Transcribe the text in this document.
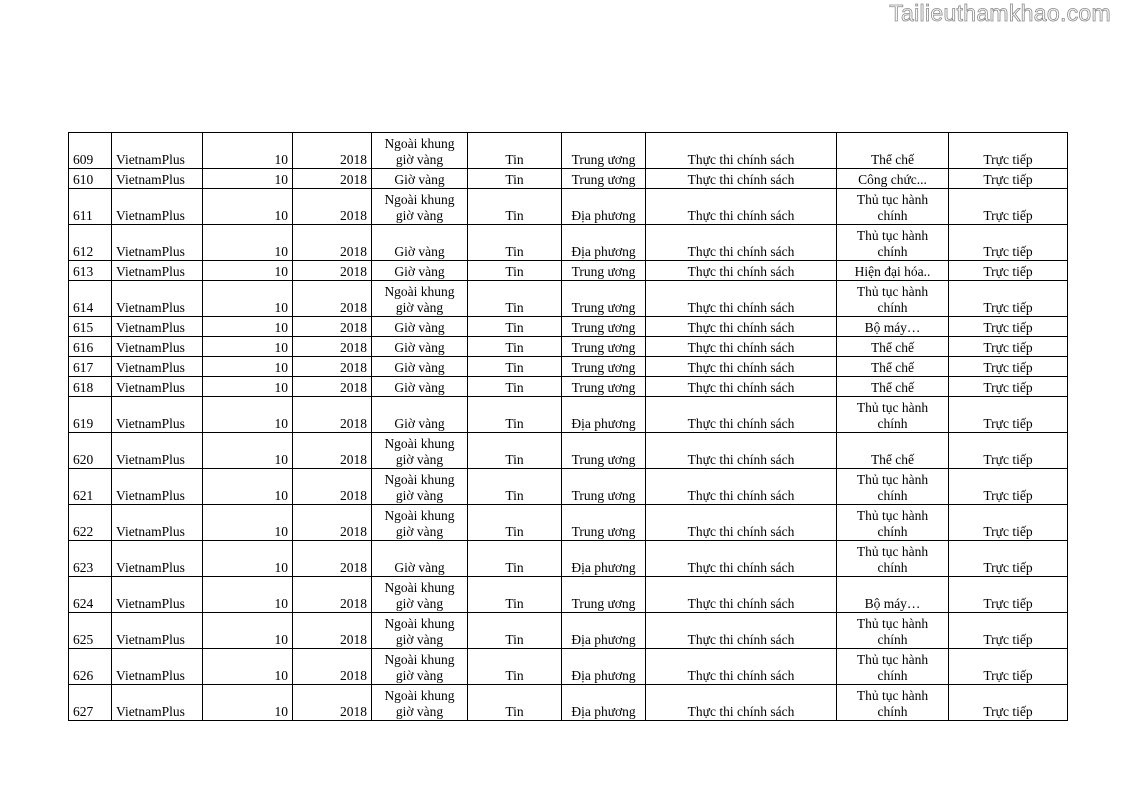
Tailieuthamkhao.com
609	VietnamPlus	10	2018	Ngoài khung
giờ vàng	Tin	Trung ương	Thực thi chính sách	Thể chế	Trực tiếp
610	VietnamPlus	10	2018	Giờ vàng	Tin	Trung ương	Thực thi chính sách	Công chức...	Trực tiếp
611	VietnamPlus	10	2018	Ngoài khung
giờ vàng	Tin	Địa phương	Thực thi chính sách	Thủ tục hành
chính	Trực tiếp
612	VietnamPlus	10	2018	Giờ vàng	Tin	Địa phương	Thực thi chính sách	Thủ tục hành
chính	Trực tiếp
613	VietnamPlus	10	2018	Giờ vàng	Tin	Trung ương	Thực thi chính sách	Hiện đại hóa..	Trực tiếp
614	VietnamPlus	10	2018	Ngoài khung
giờ vàng	Tin	Trung ương	Thực thi chính sách	Thủ tục hành
chính	Trực tiếp
615	VietnamPlus	10	2018	Giờ vàng	Tin	Trung ương	Thực thi chính sách	Bộ máy…	Trực tiếp
616	VietnamPlus	10	2018	Giờ vàng	Tin	Trung ương	Thực thi chính sách	Thể chế	Trực tiếp
617	VietnamPlus	10	2018	Giờ vàng	Tin	Trung ương	Thực thi chính sách	Thể chế	Trực tiếp
618	VietnamPlus	10	2018	Giờ vàng	Tin	Trung ương	Thực thi chính sách	Thể chế	Trực tiếp
619	VietnamPlus	10	2018	Giờ vàng	Tin	Địa phương	Thực thi chính sách	Thủ tục hành
chính	Trực tiếp
620	VietnamPlus	10	2018	Ngoài khung
giờ vàng	Tin	Trung ương	Thực thi chính sách	Thể chế	Trực tiếp
621	VietnamPlus	10	2018	Ngoài khung
giờ vàng	Tin	Trung ương	Thực thi chính sách	Thủ tục hành
chính	Trực tiếp
622	VietnamPlus	10	2018	Ngoài khung
giờ vàng	Tin	Trung ương	Thực thi chính sách	Thủ tục hành
chính	Trực tiếp
623	VietnamPlus	10	2018	Giờ vàng	Tin	Địa phương	Thực thi chính sách	Thủ tục hành
chính	Trực tiếp
624	VietnamPlus	10	2018	Ngoài khung
giờ vàng	Tin	Trung ương	Thực thi chính sách	Bộ máy…	Trực tiếp
625	VietnamPlus	10	2018	Ngoài khung
giờ vàng	Tin	Địa phương	Thực thi chính sách	Thủ tục hành
chính	Trực tiếp
626	VietnamPlus	10	2018	Ngoài khung
giờ vàng	Tin	Địa phương	Thực thi chính sách	Thủ tục hành
chính	Trực tiếp
627	VietnamPlus	10	2018	Ngoài khung
giờ vàng	Tin	Địa phương	Thực thi chính sách	Thủ tục hành
chính	Trực tiếp
